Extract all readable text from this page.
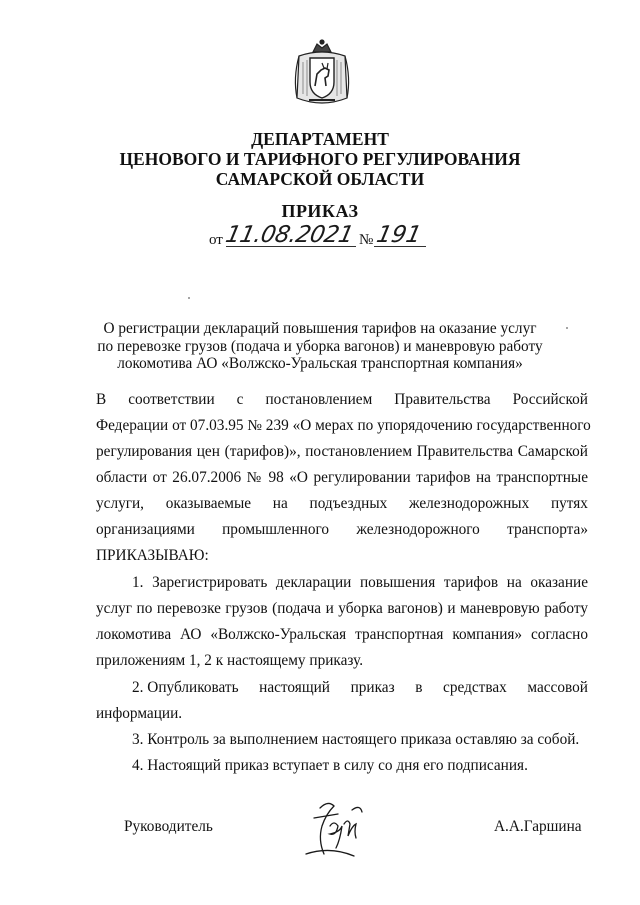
ДЕПАРТАМЕНТ
ЦЕНОВОГО И ТАРИФНОГО РЕГУЛИРОВАНИЯ
САМАРСКОЙ ОБЛАСТИ
ПРИКАЗ
от 11.08.2021 № 191
О регистрации деклараций повышения тарифов на оказание услуг
по перевозке грузов (подача и уборка вагонов) и маневровую работу
локомотива АО «Волжско-Уральская транспортная компания»
В соответствии с постановлением Правительства Российской
Федерации от 07.03.95 № 239 «О мерах по упорядочению государственного
регулирования цен (тарифов)», постановлением Правительства Самарской
области от 26.07.2006 № 98 «О регулировании тарифов на транспортные
услуги, оказываемые на подъездных железнодорожных путях
организациями промышленного железнодорожного транспорта»
ПРИКАЗЫВАЮ:
1. Зарегистрировать декларации повышения тарифов на оказание
услуг по перевозке грузов (подача и уборка вагонов) и маневровую работу
локомотива АО «Волжско-Уральская транспортная компания» согласно
приложениям 1, 2 к настоящему приказу.
2. Опубликовать настоящий приказ в средствах массовой
информации.
3. Контроль за выполнением настоящего приказа оставляю за собой.
4. Настоящий приказ вступает в силу со дня его подписания.
Руководитель	А.А.Гаршина
